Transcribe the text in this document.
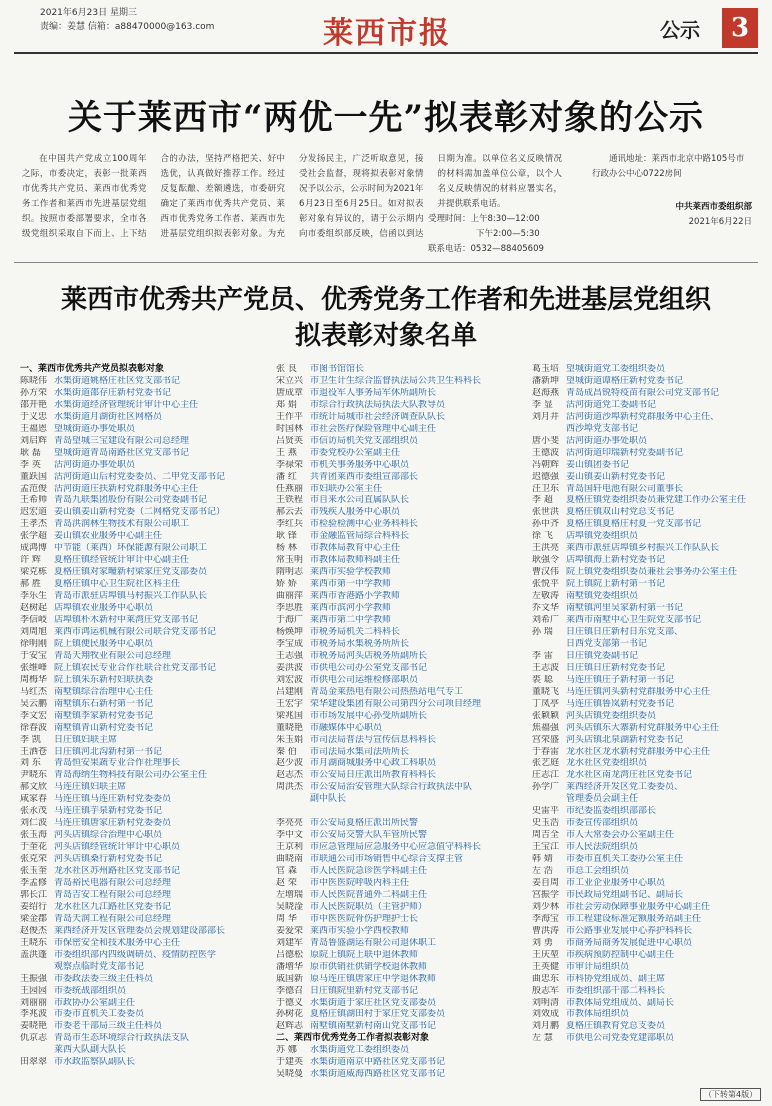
2021年6月23日 星期三
责编：姜慧 信箱：a88470000@163.com	莱西市报	公示	3
关于莱西市“两优一先”拟表彰对象的公示

在中国共产党成立100周年之际，市委决定，表彰一批莱西市优秀共产党员、莱西市优秀党务工作者和莱西市先进基层党组织。按照市委部署要求，全市各级党组织采取自下而上、上下结合的办法，坚持严格把关、好中选优，认真做好推荐工作。经过反复酝酿、差额遴选，市委研究确定了莱西市优秀共产党员、莱西市优秀党务工作者、莱西市先进基层党组织拟表彰对象。为充分发扬民主，广泛听取意见，接受社会监督，现将拟表彰对象情况予以公示，公示时间为2021年6月23日至6月25日。如对拟表彰对象有异议的，请于公示期内向市委组织部反映，信函以到达日期为准。以单位名义反映情况的材料需加盖单位公章，以个人名义反映情况的材料应署实名，并提供联系电话。

受理时间：上午8:30—12:00
下午2:00—5:30
联系电话：0532—88405609

通讯地址：莱西市北京中路105号市行政办公中心0722房间

中共莱西市委组织部
2021年6月22日
莱西市优秀共产党员、优秀党务工作者和先进基层党组织
拟表彰对象名单
一、莱西市优秀共产党员拟表彰对象
陈晓伟 水集街道姚格庄社区党支部书记
孙方荣 水集街道邵存庄新村党委书记
邵开艳 水集街道经济管理统计审计中心主任
于义忠 水集街道月湖街社区网格员
王福恩 望城街道办事处职员
刘启辉 青岛望城三宝建设有限公司总经理
耿 磊 望城街道青岛南路社区党支部书记
李 英 沽河街道办事处职员
董跃国 沽河街道山后村党委委员、二甲党支部书记
孟范俊 沽河街道庄扶新村党群服务中心主任
王希帅 青岛九联集团股份有限公司党委副书记
迟宏道 姜山镇姜山新村党委（二网格党支部书记）
王孝杰 青岛洪润林生物技术有限公司职工
张学超 姜山镇农业服务中心副主任
成鸿博 中节能（莱西）环保能源有限公司职工
许 辉 夏格庄镇经管统计审计中心副主任
梁克栋 夏格庄镇对家疃新村梁家庄党支部委员
郝 胜 夏格庄镇中心卫生院社区科主任
李乐生 青岛市派驻店埠镇马村振兴工作队队长
赵树起 店埠镇农业服务中心职员
李信岐 店埠镇朴木新村中莱湾庄党支部书记
刘周旭 莱西市鸿运机械有限公司联合党支部书记
徐明刚 院上镇便民服务中心职员
于安宝 青岛天翔牧业有限公司总经理
张维峰 院上镇农民专业合作社联合社党支部书记
周梅华 院上镇朱东新村妇联执委
马红杰 南墅镇综合治理中心主任
吴云鹏 南墅镇东石新村第一书记
李文宏 南墅镇李家新村党委书记
徐春波 南墅镇青山新村党委书记
李 凯 日庄镇妇联主席
王洒苍 日庄镇河北沟新村第一书记
刘 东 青岛恒安果蔬专业合作社理事长
尹晓东 青岛海纳生物科技有限公司办公室主任
郝文欣 马连庄镇妇联主席
咸家春 马连庄镇马连庄新村党委委员
张永茂 马连庄镇芋泉新村党委书记
刘仁波 马连庄镇唐家庄新村党委委员
张玉海 河头店镇综合治理中心职员
于奎花 河头店镇经管统计审计中心职员
张克荣 河头店镇桑行新村党委书记
张玉奎 龙水社区苏州路社区党支部书记
李孟修 青岛裕民电器有限公司总经理
郭长江 青岛吉安工程有限公司总经理
姜绍行 龙水社区九江路社区党委书记
梁金郡 青岛天润工程有限公司总经理
赵俊杰 莱西经济开发区管理委员会规划建设部部长
王晓东 市保密安全和技术服务中心主任
盖洪蓬 市委组织部内四级调研员、疫情防控医学
观察点临时党支部书记
王振强 市委政法委三级主任科员
王园园 市委统战部组织员
刘丽丽 市政协办公室副主任
李兆波 市委市直机关工委委员
姜晓艳 市委老干部局三级主任科员
仇京志 青岛市生态环境综合行政执法支队
莱西大队副大队长
田翠翠 市水政监察队副队长
张 良 市图书馆馆长
宋立兴 市卫生计生综合监督执法局公共卫生科科长
唐成章 市退役军人事务局军休所副所长
郑 娟 市综合行政执法局执法大队教导员
王作平 市统计局城市社会经济调查队队长
时国林 市社会医疗保险管理中心副主任
吕贤英 市信访局机关党支部组织员
王 燕 市委党校办公室副主任
李禄荣 市机关事务服务中心职员
潘 红 共青团莱西市委组宣部部长
任燕丽 市妇联办公室主任
王铁程 市自来水公司直属队队长
郝云去 市残疾人服务中心职员
李红兵 市检验检测中心业务科科长
耿 锋 市金融监管局综合科科长
杨 林 市教体局教育中心主任
常玉明 市教体局教师科副主任
隋明志 莱西市实验学校教师
娇 娇 莱西市第一中学教师
曲丽萍 莱西市香港路小学教师
李思胜 莱西市滨河小学教师
于海广 莱西市第二中学教师
杨焕坤 市税务局机关二科科长
李宝成 市税务局水集税务所所长
王志强 市税务局河头店税务所副所长
姜洪波 市供电公司办公室党支部书记
刘宏波 市供电公司运维检修部职员
吕建刚 青岛金莱热电有限公司热热站电气专工
王宏宇 荣华建设集团有限公司第四分公司项目经理
梁兆国 市市场发展中心孙受所副所长
董晓艳 市融媒体中心职员
朱玉娟 市司法局普法与宣传信息科科长
秦 伯 市司法局水集司法所所长
赵少波 市月湖商城服务中心政工科职员
赵志杰 市公安局日庄派出所教育科科长
周洪杰 市公安局治安管理大队综合行政执法中队
副中队长

李亮亮 市公安局夏格庄派出所民警
李中文 市公安局交警大队车管所民警
王京利 市应急管理局应急服务中心应急值守科科长
曲晓南 市联通公司市场销售中心综合支撑主管
官 森 市人民医院急诊医学科副主任
赵 荣 市中医医院呼吸内科主任
左增瑞 市人民医院普通外二科副主任
吴晓淦 市人民医院职员（主管护师）
周 华 市中医医院骨伤护理护士长
姜爱荣 莱西市实验小学西校教师
刘建军 青岛鲁盛湖运有限公司退休职工
吕德松 原院上镇院上联中退休教师
潘增华 原市供销社供销学校退休教师
戚国新 原马连庄镇唐家庄中学退休教师
李德召 日庄镇院里新村党支部书记
于德义 水集街道于家庄社区党支部委员
孙树花 夏格庄镇湖田村于家庄党支部委员
赵辉志 南墅镇南墅新村南山党支部书记
二、莱西市优秀党务工作者拟表彰对象
苏 娜 水集街道党工委组织委员
于建英 水集街道南京中路社区党支部书记
吴晓曼 水集街道威海西路社区党支部书记
葛玉培 望城街道党工委组织委员
潘新坤 望城街道谭格庄新村党委书记
赵海燕 青岛成昌锐特疫苗有限公司党支部书记
李 显 沽河街道党工委副书记
刘月井 沽河街道沙埠新村党群服务中心主任、
西沙埠党支部书记
唐小斐 沽河街道办事处职员
王德波 沽河街道印瑞新村党委副书记
冯朝辉 姜山镇团委书记
迟德强 姜山镇姜山新村党委书记
汪卫东 青岛国轩电池有限公司董事长
李 超 夏格庄镇党委组织委员兼党建工作办公室主任
张世洪 夏格庄镇双山村党总支书记
孙中齐 夏格庄镇夏格庄村夏一党支部书记
徐 飞 店埠镇党委组织员
王洪亮 莱西市派驻店埠镇乡村振兴工作队队长
耿强令 店埠镇海上新村党委书记
曹汉伟 院上镇党委组织委员兼社会事务办公室主任
张悦平 院上镇院上新村第一书记
左敬涛 南墅镇党委组织员
乔文华 南墅镇河里吴家新村第一书记
刘希广 莱西市南墅中心卫生院党支部书记
孙 瑞 日庄镇日庄新村日东党支部、
日西党支部第一书记
李 雷 日庄镇党委副书记
王志波 日庄镇日庄新村党委书记
裘 聪 马连庄镇庄子新村第一书记
董晓飞 马连庄镇河头新村党群服务中心主任
丁凤亭 马连庄镇鲁岚新村党委书记
张颖颖 河头店镇党委组织委员
焦福强 河头店镇东大寨新村党群服务中心主任
宫荣盛 河头店镇北泉湖新村党委书记
于春雷 龙水社区龙水新村党群服务中心主任
张艺庭 龙水社区党委组织员
庄志江 龙水社区南龙湾庄社区党委书记
孙学广 莱西经济开发区党工委委员、
管理委员会副主任
史雷平 市纪委监委组织部部长
史玉浩 市委宣传部组织员
周吉全 市人大常委会办公室副主任
王宝江 市人民法院组织员
韩 婧 市委市直机关工委办公室主任
左 浩 市总工会组织员
姜自周 市工业企业服务中心职员
宫振学 市民政局党组副书记、副局长
刘少林 市社会劳动保障事业服务中心副主任
李海宝 市工程建设标准定额服务站副主任
曹洪涛 市公路事业发展中心养护科科长
刘 勇 市商务局商务发展促进中心职员
王庆堃 市疾病预防控制中心副主任
王英健 市审计局组织员
曲忠东 市科协党组成员、副主席
殷志军 市委组织部干部二科科长
刘明清 市教体局党组成员、副局长
刘效成 市教体局组织员
刘月鹏 夏格庄镇教育党总支委员
左 慧 市供电公司党委党建部职员
（下转第4版）
